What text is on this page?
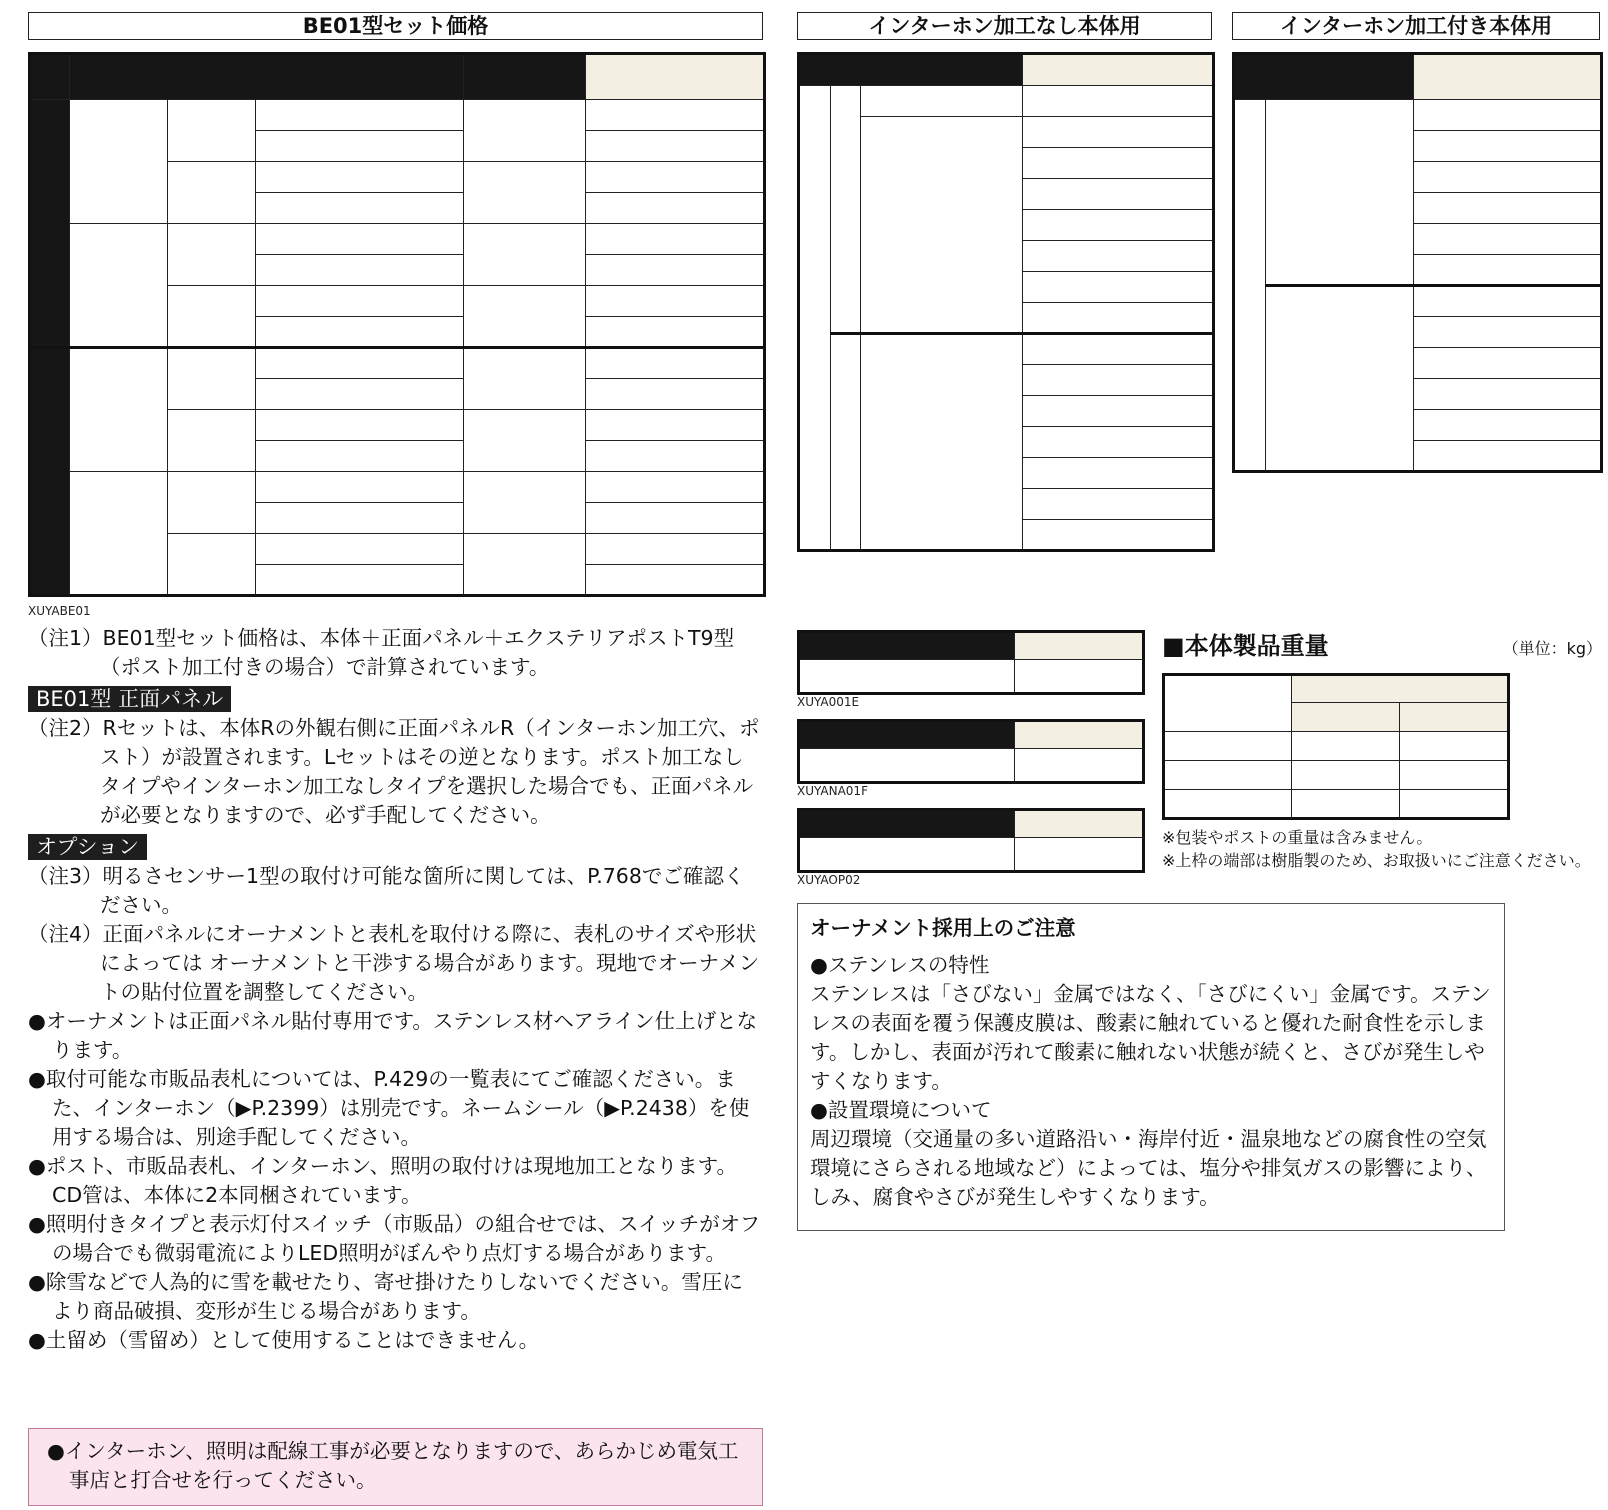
BE01型セット価格

XUYABE01
インターホン加工なし本体用

			インターホン加工付き本体用

XUYA001E

XUYANA01F

XUYAOP02
■本体製品重量	（単位：kg）

※包装やポストの重量は含みません。
※上枠の端部は樹脂製のため、お取扱いにご注意ください。
オーナメント採用上のご注意
●ステンレスの特性
ステンレスは「さびない」金属ではなく、「さびにくい」金属です。ステンレスの表面を覆う保護皮膜は、酸素に触れていると優れた耐食性を示します。しかし、表面が汚れて酸素に触れない状態が続くと、さびが発生しやすくなります。
●設置環境について
周辺環境（交通量の多い道路沿い・海岸付近・温泉地などの腐食性の空気環境にさらされる地域など）によっては、塩分や排気ガスの影響により、しみ、腐食やさびが発生しやすくなります。
（注1）BE01型セット価格は、本体＋正面パネル＋エクステリアポストT9型（ポスト加工付きの場合）で計算されています。
BE01型 正面パネル
（注2）Rセットは、本体Rの外観右側に正面パネルR（インターホン加工穴、ポスト）が設置されます。Lセットはその逆となります。ポスト加工なしタイプやインターホン加工なしタイプを選択した場合でも、正面パネルが必要となりますので、必ず手配してください。
オプション
（注3）明るさセンサー1型の取付け可能な箇所に関しては、P.768でご確認ください。
（注4）正面パネルにオーナメントと表札を取付ける際に、表札のサイズや形状によっては オーナメントと干渉する場合があります。現地でオーナメントの貼付位置を調整してください。
●オーナメントは正面パネル貼付専用です。ステンレス材ヘアライン仕上げとなります。
●取付可能な市販品表札については、P.429の一覧表にてご確認ください。また、インターホン（▶P.2399）は別売です。ネームシール（▶P.2438）を使用する場合は、別途手配してください。
●ポスト、市販品表札、インターホン、照明の取付けは現地加工となります。CD管は、本体に2本同梱されています。
●照明付きタイプと表示灯付スイッチ（市販品）の組合せでは、スイッチがオフの場合でも微弱電流によりLED照明がぼんやり点灯する場合があります。
●除雪などで人為的に雪を載せたり、寄せ掛けたりしないでください。雪圧により商品破損、変形が生じる場合があります。
●土留め（雪留め）として使用することはできません。
●インターホン、照明は配線工事が必要となりますので、あらかじめ電気工事店と打合せを行ってください。
